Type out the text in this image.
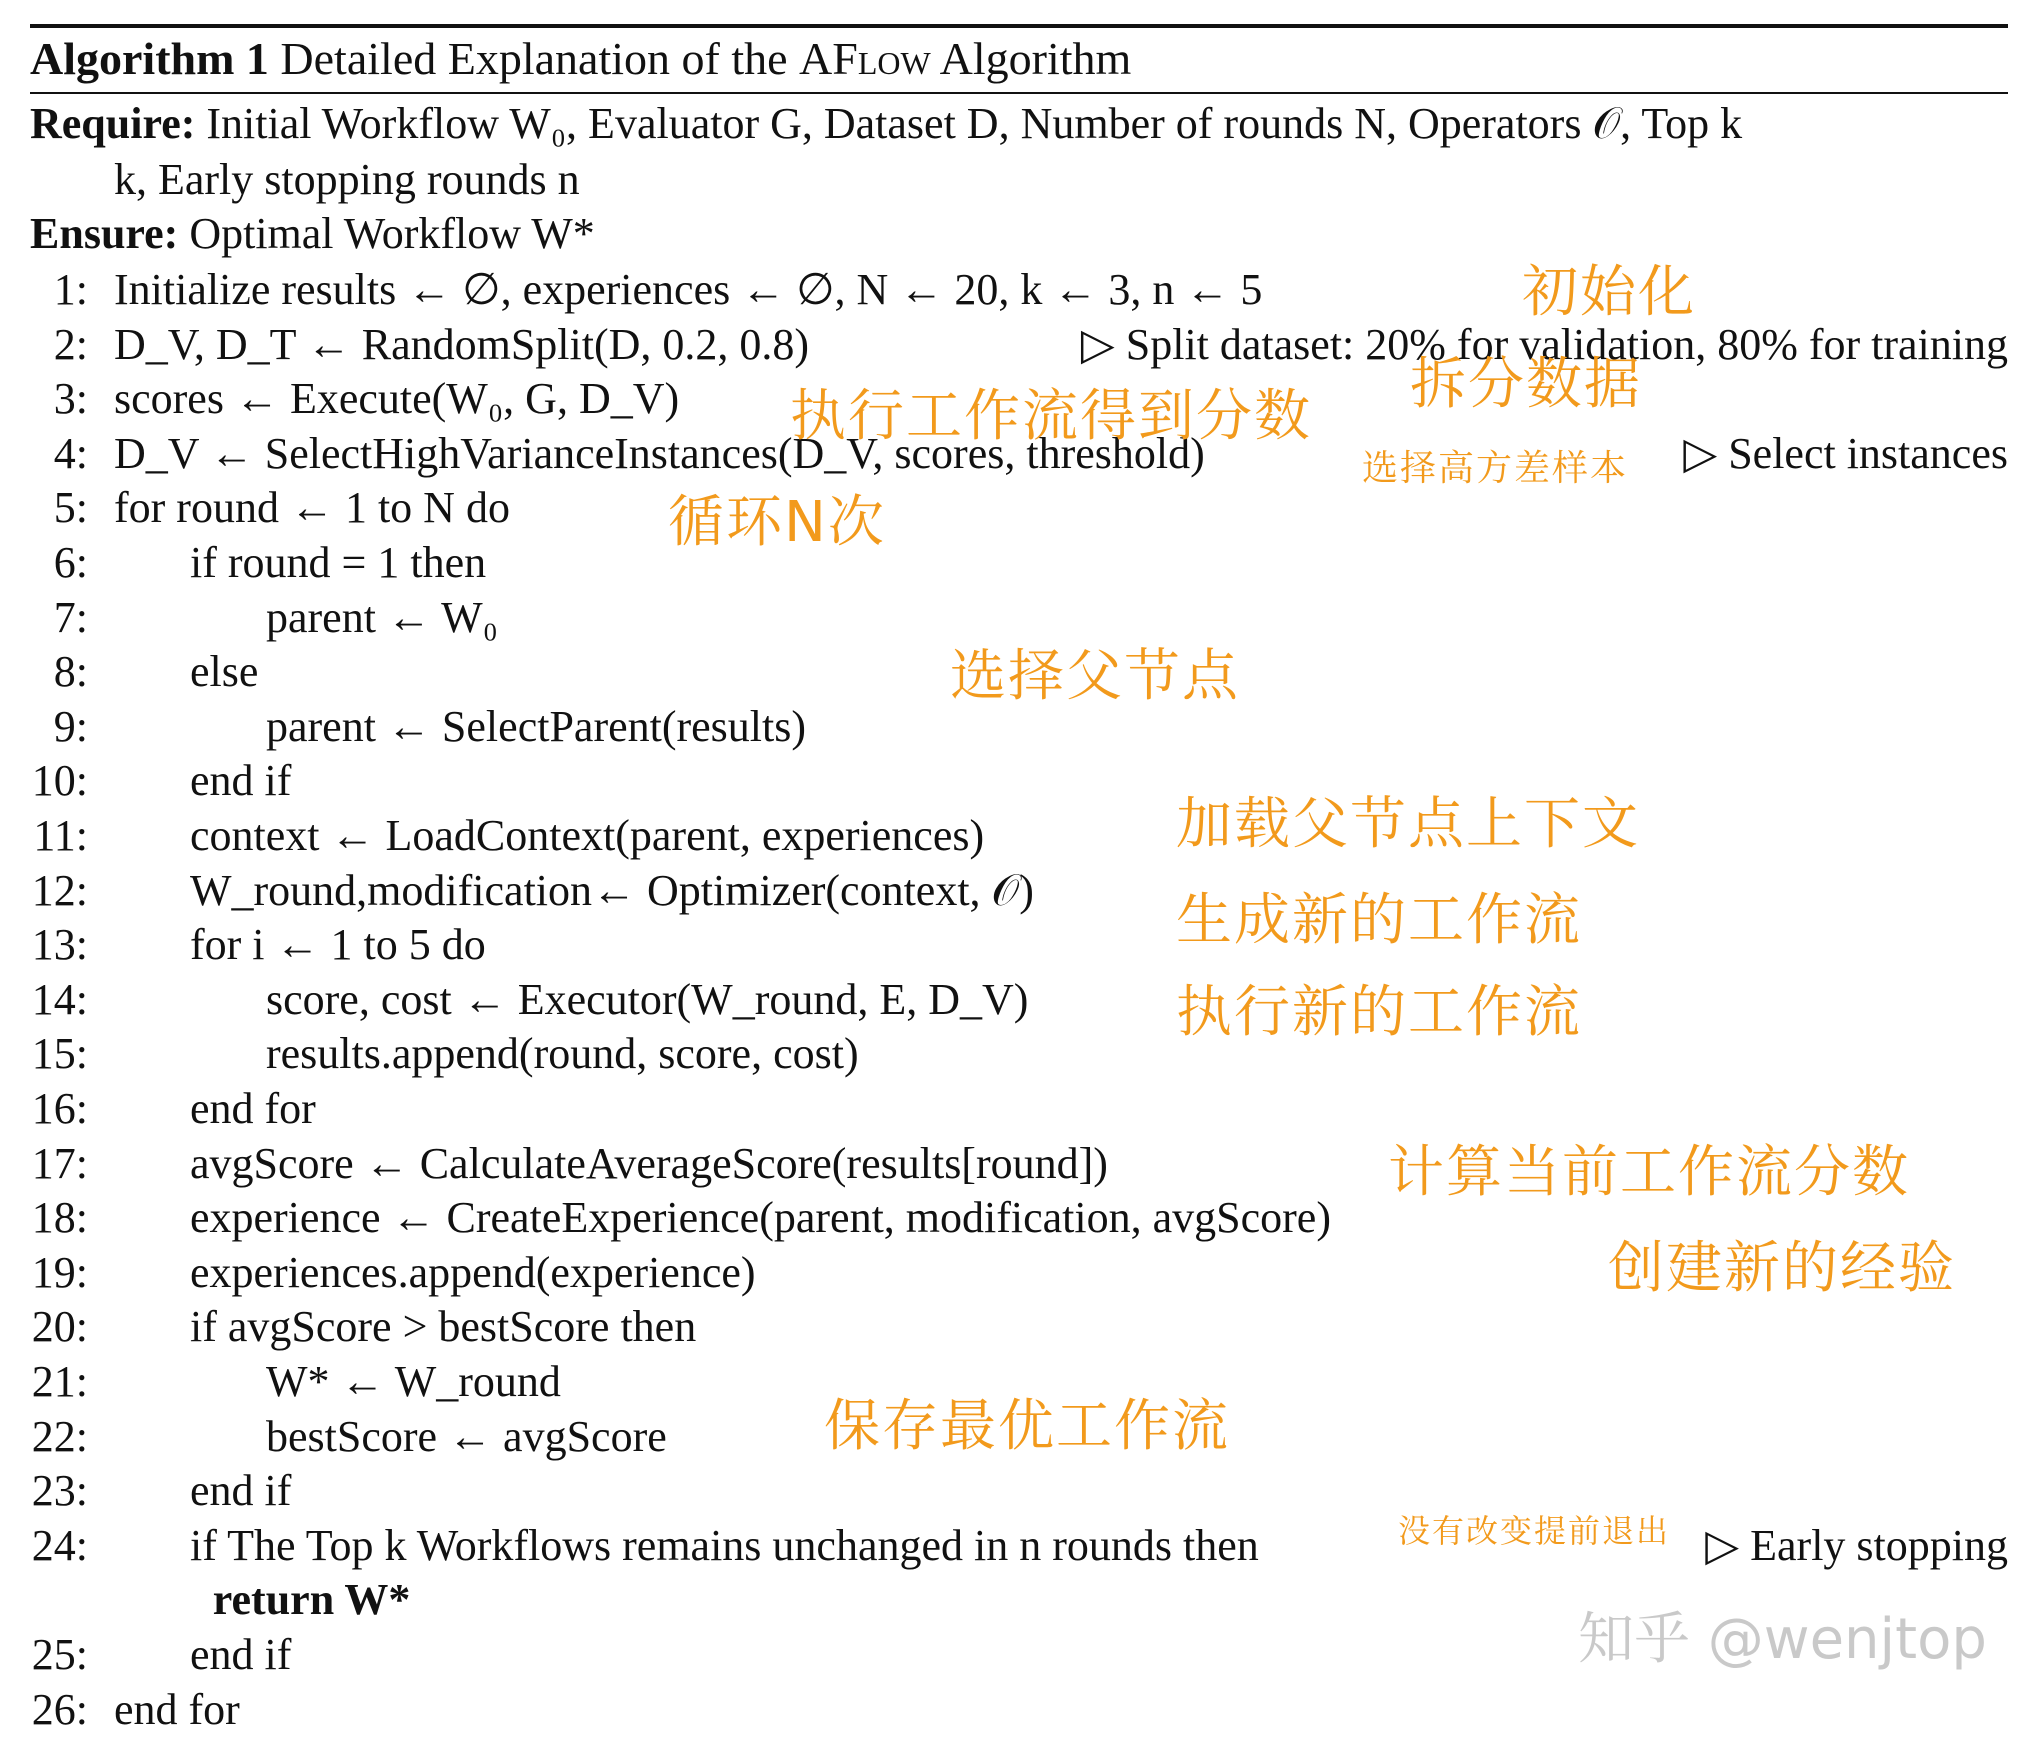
Algorithm 1 Detailed Explanation of the AFlow Algorithm
Require: Initial Workflow W₀, Evaluator G, Dataset D, Number of rounds N, Operators 𝒪, Top k
k, Early stopping rounds n
Ensure: Optimal Workflow W*
1: Initialize results ← ∅, experiences ← ∅, N ← 20, k ← 3, n ← 5
2: D_V, D_T ← RandomSplit(D, 0.2, 0.8)	▷ Split dataset: 20% for validation, 80% for training
3: scores ← Execute(W₀, G, D_V)
4: D_V ← SelectHighVarianceInstances(D_V, scores, threshold)	▷ Select instances
5: for round ← 1 to N do
6: if round = 1 then
7:	parent ← W₀
8: else
9:	parent ← SelectParent(results)
10: end if
11: context ← LoadContext(parent, experiences)
12: W_round,modification← Optimizer(context, 𝒪)
13: for i ← 1 to 5 do
14:	score, cost ← Executor(W_round, E, D_V)
15:	results.append(round, score, cost)
16: end for
17: avgScore ← CalculateAverageScore(results[round])
18: experience ← CreateExperience(parent, modification, avgScore)
19: experiences.append(experience)
20: if avgScore > bestScore then
21:	W* ← W_round
22:	bestScore ← avgScore
23: end if
24: if The Top k Workflows remains unchanged in n rounds then	▷ Early stopping
return W*
25: end if
26: end for
初始化
拆分数据
执行工作流得到分数
选择高方差样本
循环N次
选择父节点
加载父节点上下文
生成新的工作流
执行新的工作流
计算当前工作流分数
创建新的经验
保存最优工作流
没有改变提前退出
知乎 @wenjtop
